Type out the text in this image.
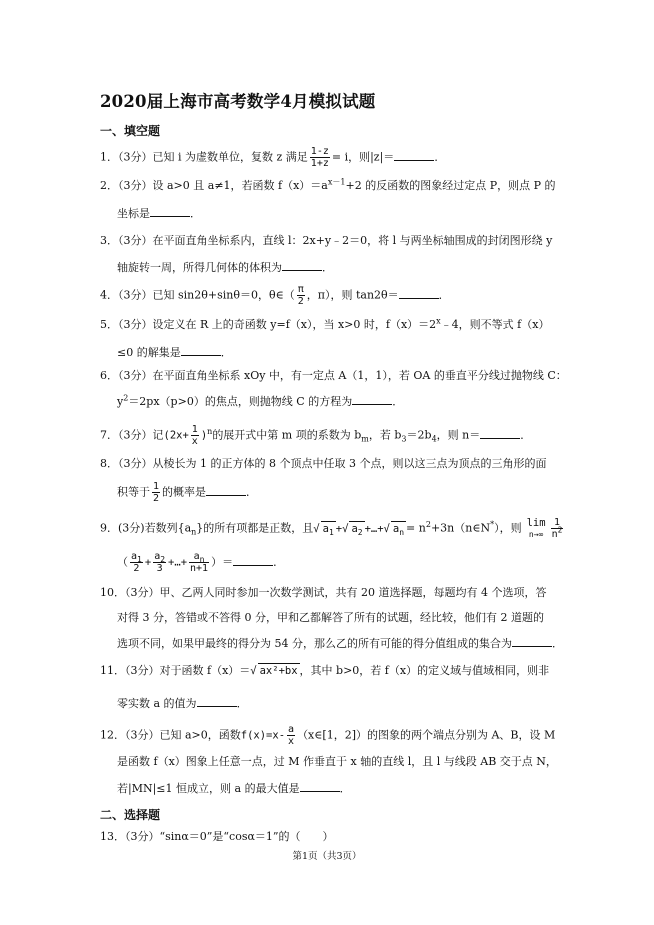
2020届上海市高考数学4月模拟试题
一、填空题
1．（3分）已知 i 为虚数单位，复数 z 满足 $\frac{1-z}{1+z} = i$，则|z|＝	．
2．（3分）设 a>0 且 a≠1，若函数 $f(x)=a^{x-1}+2$ 的反函数的图象经过定点 P，则点 P 的
坐标是	．
3．（3分）在平面直角坐标系内，直线 l：2x+y﹣2＝0，将 l 与两坐标轴围成的封闭图形绕 y
轴旋转一周，所得几何体的体积为	．
4．（3分）已知 sin2θ+sinθ＝0，θ∈（ $\frac{\pi}{2}$ ，π），则 tan2θ＝	．
5．（3分）设定义在 R 上的奇函数 y=f（x），当 x>0 时，$f(x)=2^x﹣4$，则不等式 f（x）
≤0 的解集是	．
6．（3分）在平面直角坐标系 xOy 中，有一定点 A（1，1），若 OA 的垂直平分线过抛物线 C：
$y^2=2px(p>0)$的焦点，则抛物线 C 的方程为	．
7．（3分）记$(2x+ \frac{1}{x} )^n$的展开式中第 m 项的系数为 $b_m$，若 $b_3=2b_4$，则 n＝	．
8．（3分）从棱长为 1 的正方体的 8 个顶点中任取 3 个点，则以这三点为顶点的三角形的面
积等于 $\frac{1}{2}$ 的概率是	．
9．(3分)若数列$\{a_n\}$的所有项都是正数，且√ $a_1$ +√ $a_2$ +…+√ $a_n$ = $n^2+3n(n\in N^*)$，则 lim
$n\to\infty \frac{1}{n^2}$
（ $\frac{a_1}{2} + \frac{a_2}{3}$ +…+ $\frac{a_n}{n+1}$ ）＝	．
10．（3分）甲、乙两人同时参加一次数学测试，共有 20 道选择题，每题均有 4 个选项，答
对得 3 分，答错或不答得 0 分，甲和乙都解答了所有的试题，经比较，他们有 2 道题的
选项不同，如果甲最终的得分为 54 分，那么乙的所有可能的得分值组成的集合为	．
11．（3分）对于函数 f（x）＝√ ax²+bx ，其中 b>0，若 f（x）的定义域与值域相同，则非
零实数 a 的值为	．
12．（3分）已知 a>0，函数$f(x)=x- \frac{a}{x}$ （x∈[1，2]）的图象的两个端点分别为 A、B，设 M
是函数 f（x）图象上任意一点，过 M 作垂直于 x 轴的直线 l，且 l 与线段 AB 交于点 N，
若|MN|≤1 恒成立，则 a 的最大值是	．
二、选择题
13．（3分）“sinα＝0”是“cosα＝1”的（　　）
第1页（共3页）
